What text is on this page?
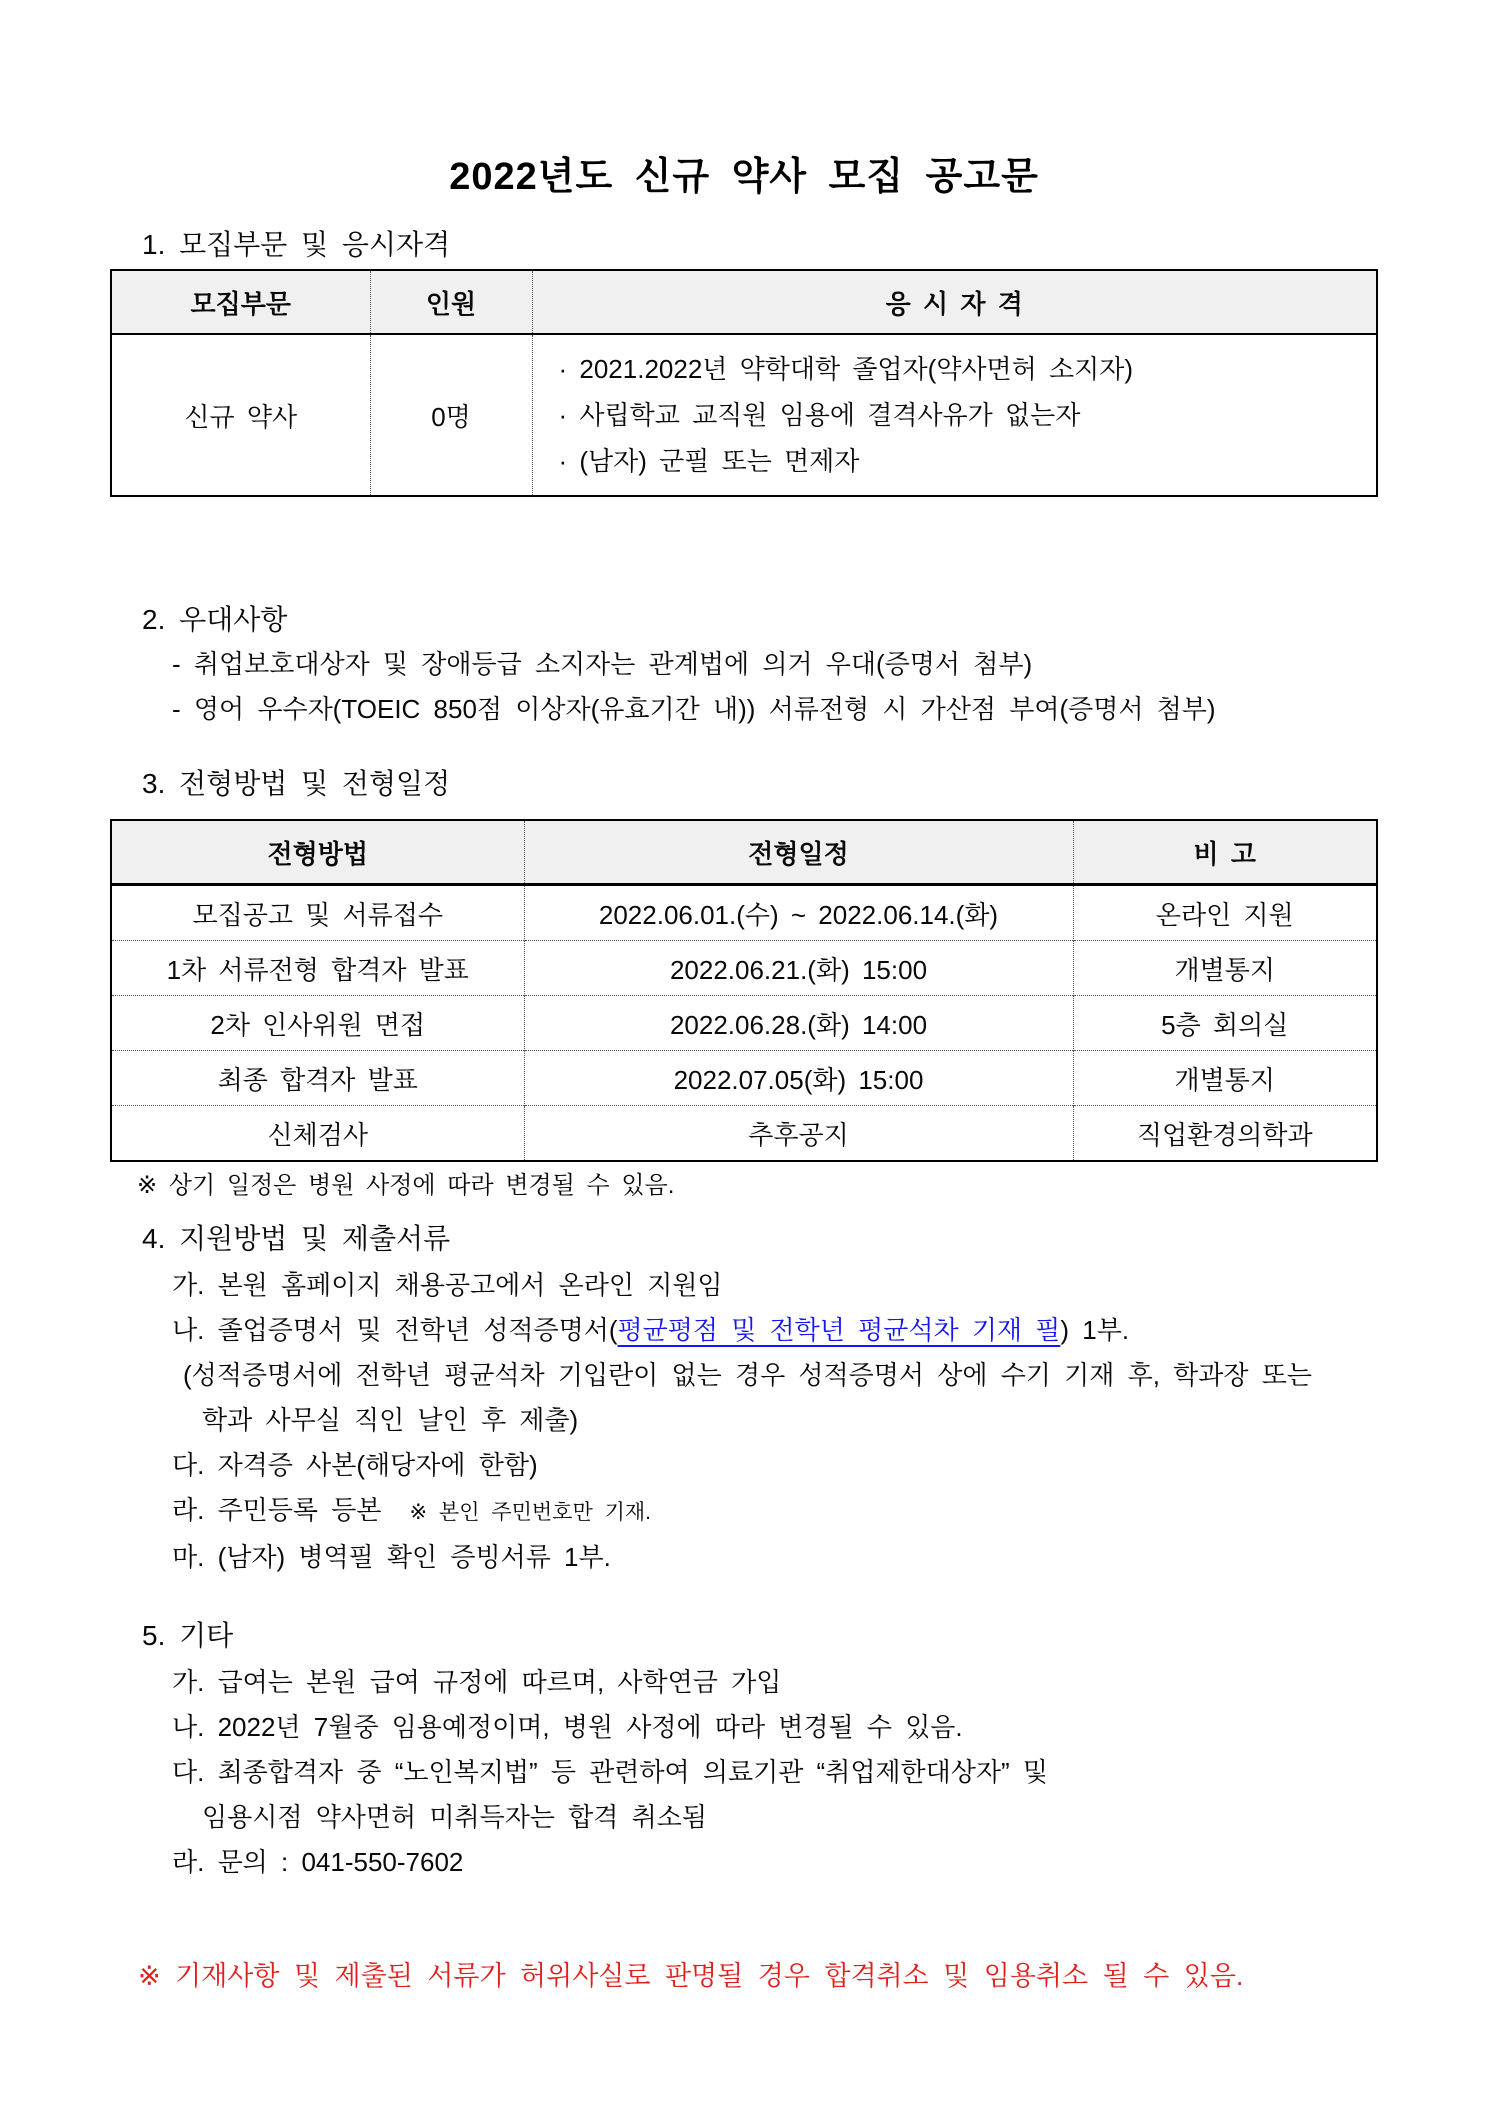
2022년도 신규 약사 모집 공고문
1. 모집부문 및 응시자격
모집부문	인원	응 시 자 격
신규 약사	0명	· 2021.2022년 약학대학 졸업자(약사면허 소지자)
· 사립학교 교직원 임용에 결격사유가 없는자
· (남자) 군필 또는 면제자
2. 우대사항
- 취업보호대상자 및 장애등급 소지자는 관계법에 의거 우대(증명서 첨부)
- 영어 우수자(TOEIC 850점 이상자(유효기간 내)) 서류전형 시 가산점 부여(증명서 첨부)
3. 전형방법 및 전형일정
전형방법	전형일정	비 고
모집공고 및 서류접수	2022.06.01.(수) ~ 2022.06.14.(화)	온라인 지원
1차 서류전형 합격자 발표	2022.06.21.(화) 15:00	개별통지
2차 인사위원 면접	2022.06.28.(화) 14:00	5층 회의실
최종 합격자 발표	2022.07.05(화) 15:00	개별통지
신체검사	추후공지	직업환경의학과
※ 상기 일정은 병원 사정에 따라 변경될 수 있음.
4. 지원방법 및 제출서류
가. 본원 홈페이지 채용공고에서 온라인 지원임
나. 졸업증명서 및 전학년 성적증명서(평균평점 및 전학년 평균석차 기재 필) 1부.
(성적증명서에 전학년 평균석차 기입란이 없는 경우 성적증명서 상에 수기 기재 후, 학과장 또는
학과 사무실 직인 날인 후 제출)
다. 자격증 사본(해당자에 한함)
라. 주민등록 등본 ※ 본인 주민번호만 기재.
마. (남자) 병역필 확인 증빙서류 1부.
5. 기타
가. 급여는 본원 급여 규정에 따르며, 사학연금 가입
나. 2022년 7월중 임용예정이며, 병원 사정에 따라 변경될 수 있음.
다. 최종합격자 중 “노인복지법” 등 관련하여 의료기관 “취업제한대상자” 및
임용시점 약사면허 미취득자는 합격 취소됨
라. 문의 : 041-550-7602
※ 기재사항 및 제출된 서류가 허위사실로 판명될 경우 합격취소 및 임용취소 될 수 있음.
